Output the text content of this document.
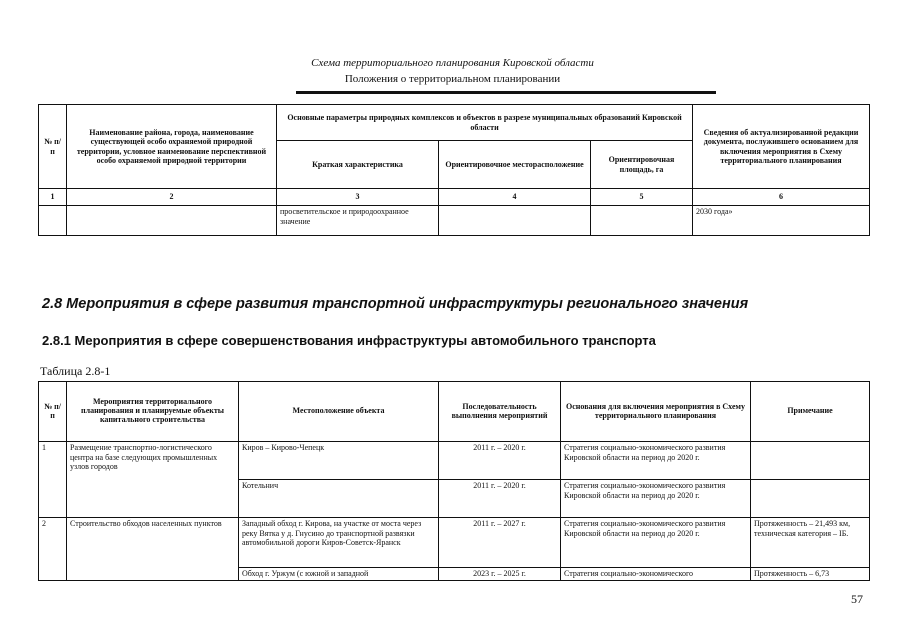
Схема территориального планирования Кировской области
Положения о территориальном планировании
№ п/п	Наименование района, города, наименование существующей особо охраняемой природной территории, условное наименование перспективной особо охраняемой природной территории	Основные параметры природных комплексов и объектов в разрезе муниципальных образований Кировской области			Сведения об актуализированной редакции документа, послужившего основанием для включения мероприятия в Схему территориального планирования
		Краткая характеристика	Ориентировочное месторасположение	Ориентировочная площадь, га	
1	2	3	4	5	6
		просветительское и природоохранное значение			2030 года»
2.8 Мероприятия в сфере развития транспортной инфраструктуры регионального значения
2.8.1 Мероприятия в сфере совершенствования инфраструктуры автомобильного транспорта
Таблица 2.8-1
№ п/п	Мероприятия территориального планирования и планируемые объекты капитального строительства	Местоположение объекта	Последовательность выполнения мероприятий	Основания для включения мероприятия в Схему территориального планирования	Примечание
1	Размещение транспортно-логистического центра на базе следующих промышленных узлов городов	Киров – Кирово-Чепецк	2011 г. – 2020 г.	Стратегия социально-экономического развития Кировской области на период до 2020 г.	
		Котельнич	2011 г. – 2020 г.	Стратегия социально-экономического развития Кировской области на период до 2020 г.	
2	Строительство обходов населенных пунктов	Западный обход г. Кирова, на участке от моста через реку Вятка у д. Гнусино до транспортной развязки автомобильной дороги Киров-Советск-Яранск	2011 г. – 2027 г.	Стратегия социально-экономического развития Кировской области на период до 2020 г.	Протяженность – 21,493 км, техническая категория – IБ.
		Обход г. Уржум (с южной и западной	2023 г. – 2025 г.	Стратегия социально-экономического	Протяженность – 6,73
57
